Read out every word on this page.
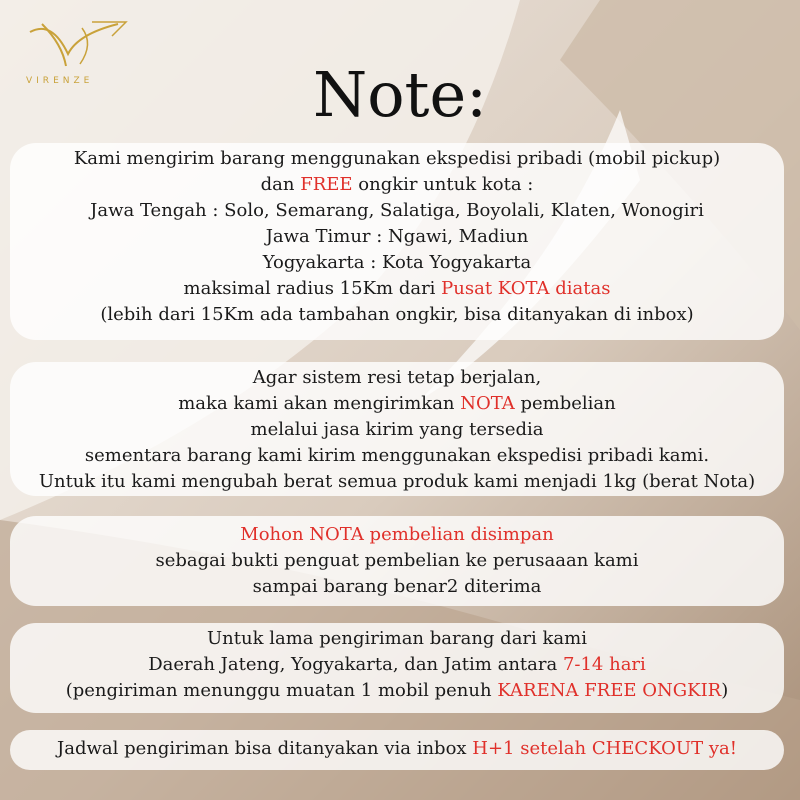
VIRENZE	Note:
Kami mengirim barang menggunakan ekspedisi pribadi (mobil pickup)
dan FREE ongkir untuk kota :
Jawa Tengah : Solo, Semarang, Salatiga, Boyolali, Klaten, Wonogiri
Jawa Timur : Ngawi, Madiun
Yogyakarta : Kota Yogyakarta
maksimal radius 15Km dari Pusat KOTA diatas
(lebih dari 15Km ada tambahan ongkir, bisa ditanyakan di inbox)
Agar sistem resi tetap berjalan,
maka kami akan mengirimkan NOTA pembelian
melalui jasa kirim yang tersedia
sementara barang kami kirim menggunakan ekspedisi pribadi kami.
Untuk itu kami mengubah berat semua produk kami menjadi 1kg (berat Nota)
Mohon NOTA pembelian disimpan
sebagai bukti penguat pembelian ke perusaaan kami
sampai barang benar2 diterima
Untuk lama pengiriman barang dari kami
Daerah Jateng, Yogyakarta, dan Jatim antara 7-14 hari
(pengiriman menunggu muatan 1 mobil penuh KARENA FREE ONGKIR)
Jadwal pengiriman bisa ditanyakan via inbox H+1 setelah CHECKOUT ya!
